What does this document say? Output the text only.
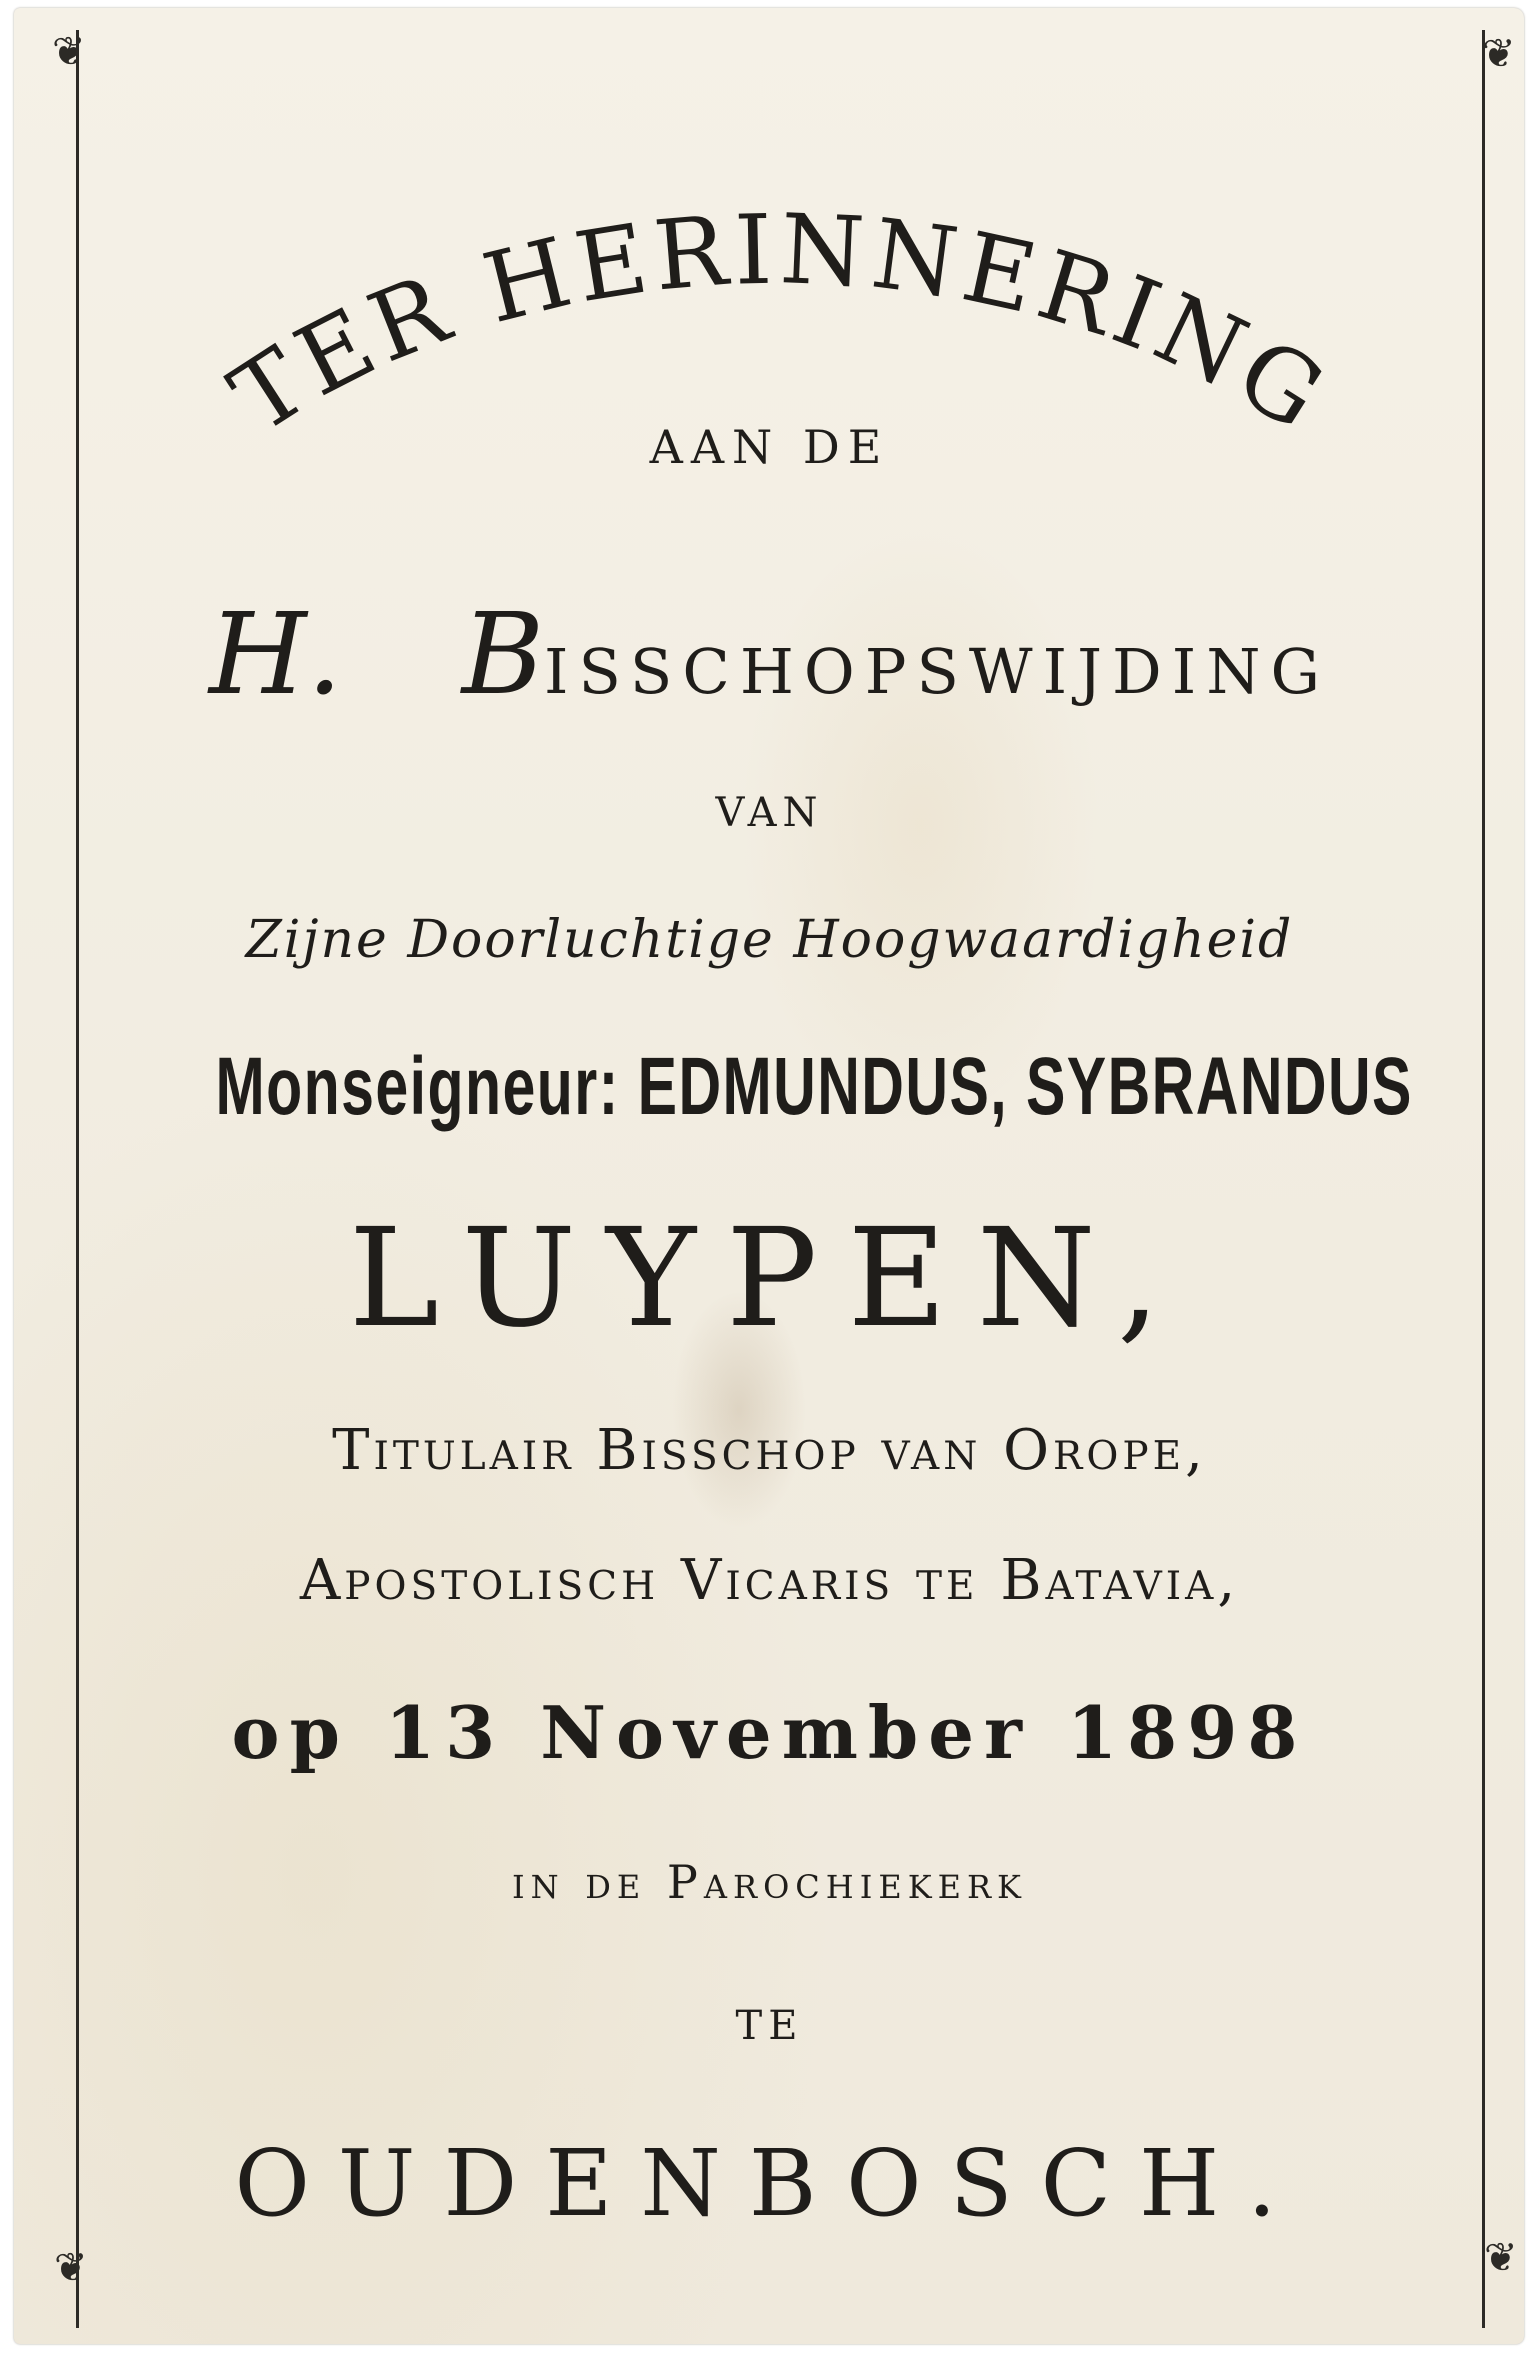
❦	❦
❦	❦
TER HERINNERING
AAN DE
H. BISSCHOPSWIJDING
VAN
Zijne Doorluchtige Hoogwaardigheid
Monseigneur: EDMUNDUS, SYBRANDUS
LUYPEN,
Titulair Bisschop van Orope,
Apostolisch Vicaris te Batavia,
op 13 November 1898
in de Parochiekerk
TE
OUDENBOSCH.
